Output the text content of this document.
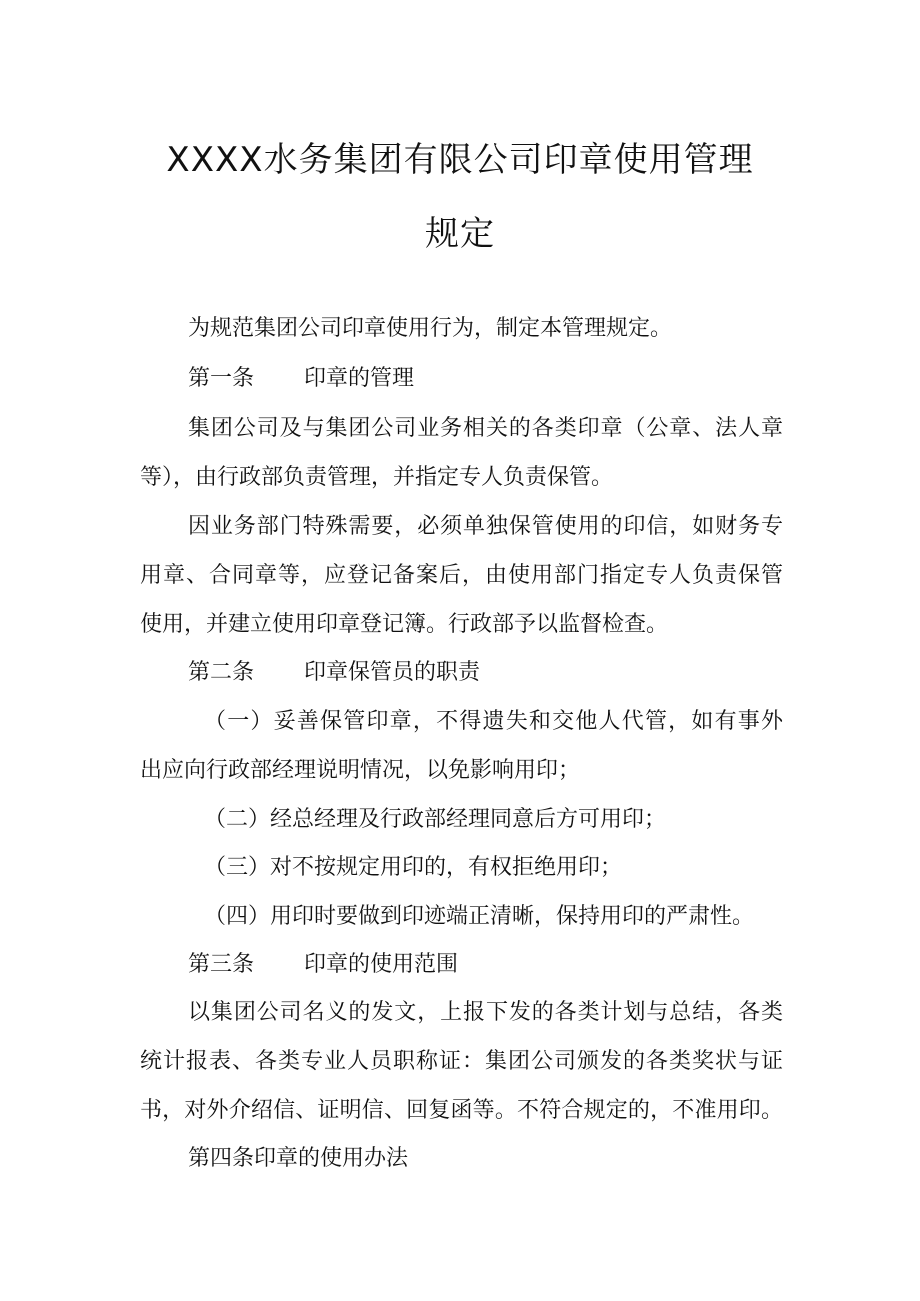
XXXX水务集团有限公司印章使用管理
规定
为规范集团公司印章使用行为，制定本管理规定。
第一条 印章的管理
集团公司及与集团公司业务相关的各类印章（公章、法人章
等），由行政部负责管理，并指定专人负责保管。
因业务部门特殊需要，必须单独保管使用的印信，如财务专
用章、合同章等，应登记备案后，由使用部门指定专人负责保管
使用，并建立使用印章登记簿。行政部予以监督检查。
第二条 印章保管员的职责
（一）妥善保管印章，不得遗失和交他人代管，如有事外
出应向行政部经理说明情况，以免影响用印；
（二）经总经理及行政部经理同意后方可用印；
（三）对不按规定用印的，有权拒绝用印；
（四）用印时要做到印迹端正清晰，保持用印的严肃性。
第三条 印章的使用范围
以集团公司名义的发文，上报下发的各类计划与总结，各类
统计报表、各类专业人员职称证：集团公司颁发的各类奖状与证
书，对外介绍信、证明信、回复函等。不符合规定的，不准用印。
第四条印章的使用办法
